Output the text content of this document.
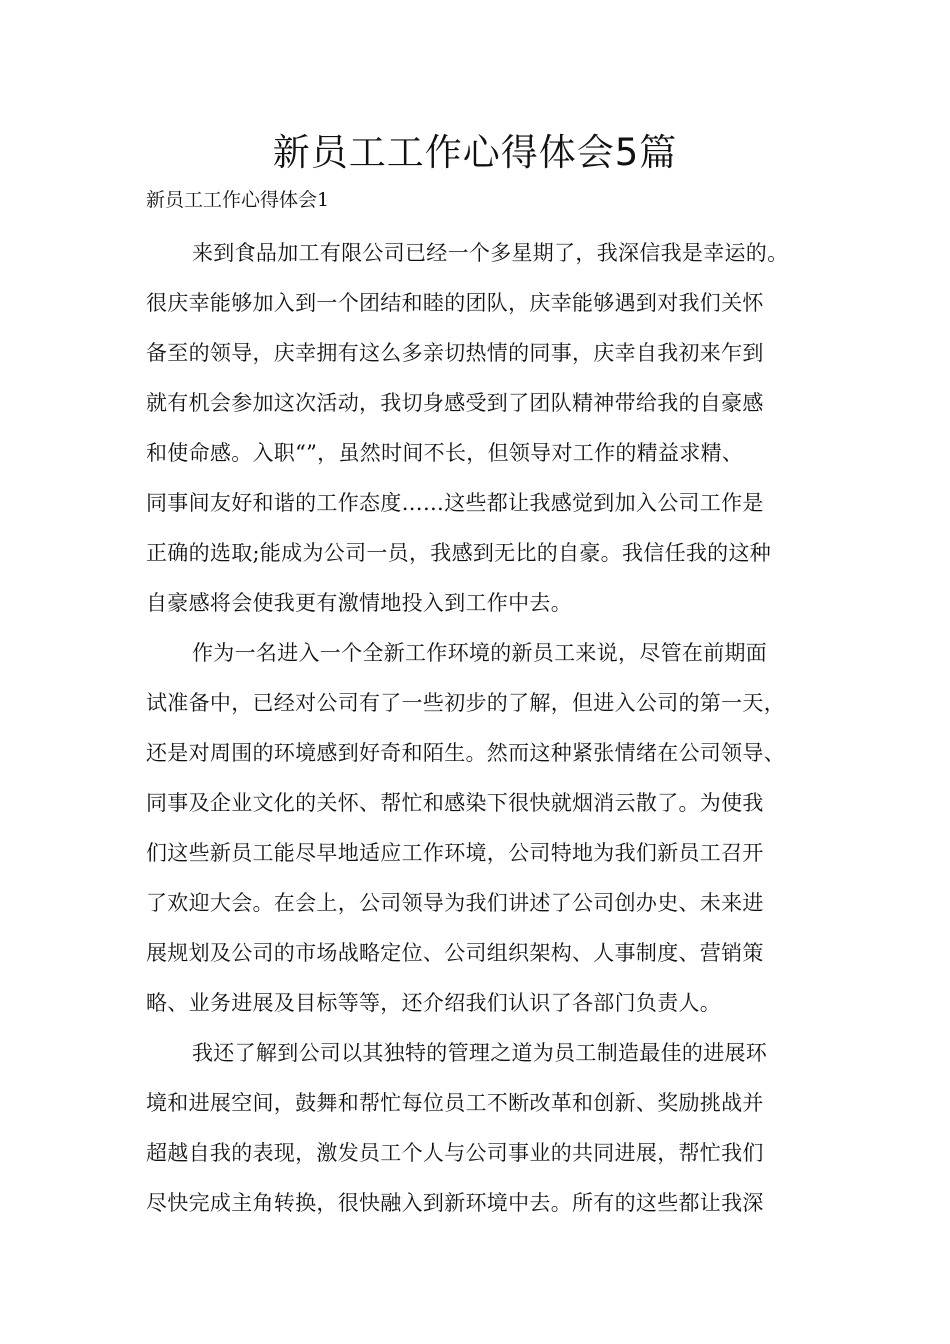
新员工工作心得体会5篇

新员工工作心得体会1

来到食品加工有限公司已经一个多星期了，我深信我是幸运的。

很庆幸能够加入到一个团结和睦的团队，庆幸能够遇到对我们关怀

备至的领导，庆幸拥有这么多亲切热情的同事，庆幸自我初来乍到

就有机会参加这次活动，我切身感受到了团队精神带给我的自豪感

和使命感。入职“”，虽然时间不长，但领导对工作的精益求精、

同事间友好和谐的工作态度……这些都让我感觉到加入公司工作是

正确的选取;能成为公司一员，我感到无比的自豪。我信任我的这种

自豪感将会使我更有激情地投入到工作中去。

作为一名进入一个全新工作环境的新员工来说，尽管在前期面

试准备中，已经对公司有了一些初步的了解，但进入公司的第一天，

还是对周围的环境感到好奇和陌生。然而这种紧张情绪在公司领导、

同事及企业文化的关怀、帮忙和感染下很快就烟消云散了。为使我

们这些新员工能尽早地适应工作环境，公司特地为我们新员工召开

了欢迎大会。在会上，公司领导为我们讲述了公司创办史、未来进

展规划及公司的市场战略定位、公司组织架构、人事制度、营销策

略、业务进展及目标等等，还介绍我们认识了各部门负责人。

我还了解到公司以其独特的管理之道为员工制造最佳的进展环

境和进展空间，鼓舞和帮忙每位员工不断改革和创新、奖励挑战并

超越自我的表现，激发员工个人与公司事业的共同进展，帮忙我们

尽快完成主角转换，很快融入到新环境中去。所有的这些都让我深
